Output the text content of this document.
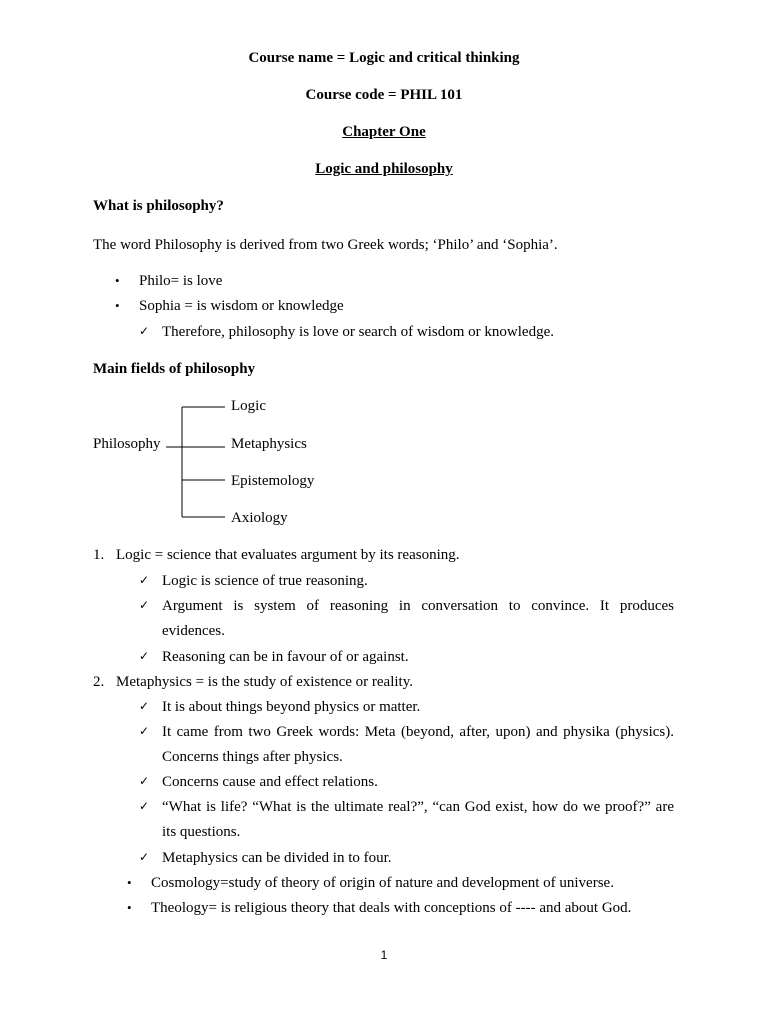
Course name = Logic and critical thinking
Course code = PHIL 101
Chapter One
Logic and philosophy
What is philosophy?
The word Philosophy is derived from two Greek words; ‘Philo’ and ‘Sophia’.
• Philo= is love
• Sophia = is wisdom or knowledge
✓ Therefore, philosophy is love or search of wisdom or knowledge.
Main fields of philosophy
Philosophy
Logic
Metaphysics
Epistemology
Axiology
1. Logic = science that evaluates argument by its reasoning.
✓ Logic is science of true reasoning.
✓ Argument is system of reasoning in conversation to convince. It produces
evidences.
✓ Reasoning can be in favour of or against.
2. Metaphysics = is the study of existence or reality.
✓ It is about things beyond physics or matter.
✓ It came from two Greek words: Meta (beyond, after, upon) and physika (physics).
Concerns things after physics.
✓ Concerns cause and effect relations.
✓ “What is life? “What is the ultimate real?”, “can God exist, how do we proof?” are
its questions.
✓ Metaphysics can be divided in to four.
• Cosmology=study of theory of origin of nature and development of universe.
• Theology= is religious theory that deals with conceptions of ---- and about God.
1
